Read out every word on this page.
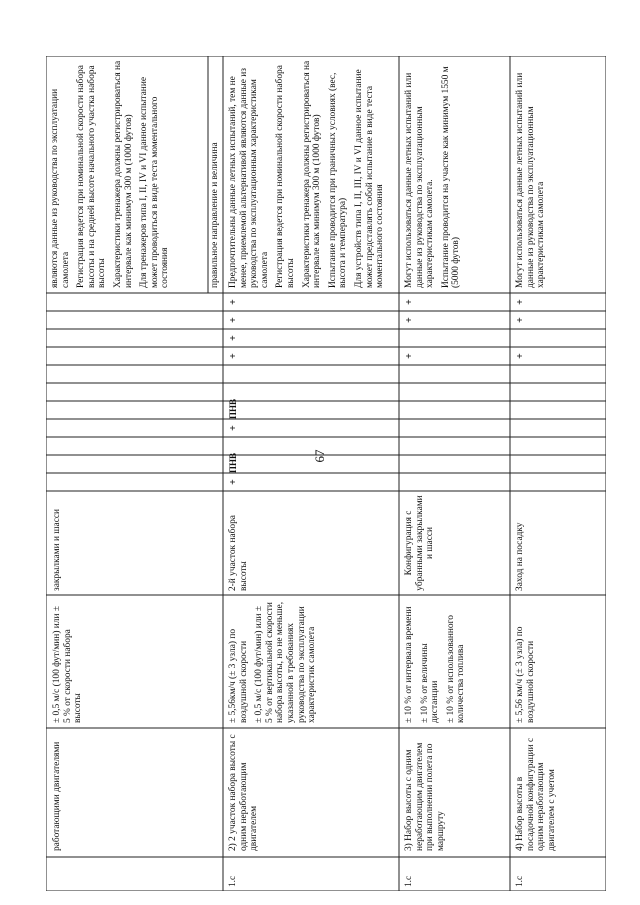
67
работающими двигателями
± 0,5 м/с (100 фут/мин) или ± 5 % от скорости набора высоты
закрылками и шасси

являются данные из руководства по эксплуатации самолета Регистрация ведется при номинальной скорости набора высоты и на средней высоте начального участка набора высоты Характеристики тренажера должны регистрироваться на интервале как минимум 300 м (1000 футов) Для тренажеров типа I, II, IV и VI данное испытание может проводиться в виде теста моментального состояния	правильное направление и величина
1.c
2) 2 участок набора высоты с одним неработающим двигателем

± 5,56км/ч (± 3 узла) по воздушной скорости ± 0,5 м/с (100 фут/мин) или ± 5 % от вертикальной скорости набора высоты, но не меньше, указанной в требованиях руководства по эксплуатации характеристик самолета

2-й участок набора высоты
+
ПНВ
+
ПНВ
+
+
+
+

Предпочтительны данные летных испытаний, тем не менее, приемлемой альтернативой являются данные из руководства по эксплуатационным характеристикам самолета Регистрация ведется при номинальной скорости набора высоты Характеристики тренажера должны регистрироваться на интервале как минимум 300 м (1000 футов) Испытание проводится при граничных условиях (вес, высота и температура) Для устройств типа I, II, III, IV и VI данное испытание может представлять собой испытание в виде теста моментального состояния

1.c
3) Набор высоты с одним неработающим двигателем при выполнении полета по маршруту

± 10 % от интервала времени ± 10 % от величины дистанции ± 10 % от использованного количества топлива

Конфигурация с убранными закрылками и шасси
+
+
+

Могут использоваться данные летных испытаний или данные из руководства по эксплуатационным характеристикам самолета. Испытание проводится на участке как минимум 1550 м (5000 футов)

1.c
4) Набор высоты в посадочной конфигурации с одним неработающим двигателем с учетом
± 5,56 км/ч (± 3 узла) по воздушной скорости
Заход на посадку
+
+
+

Могут использоваться данные летных испытаний или данные из руководства по эксплуатационным характеристикам самолета
